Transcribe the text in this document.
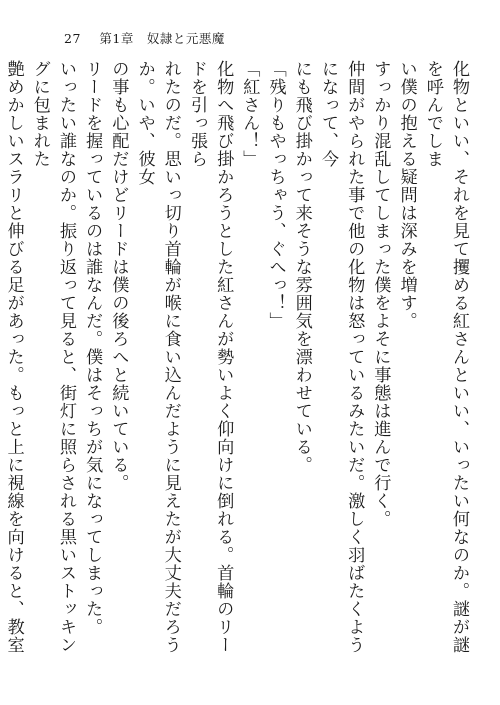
27 第1章　奴隷と元悪魔

化物といい、それを見て攫める紅さんといい、いったい何なのか。謎が謎を呼んでしま

い僕の抱える疑問は深みを増す。

すっかり混乱してしまった僕をよそに事態は進んで行く。

仲間がやられた事で他の化物は怒っているみたいだ。激しく羽ばたくようになって、今

にも飛び掛かって来そうな雰囲気を漂わせている。

「残りもやっちゃう、ぐへっ！」

「紅さん！」

化物へ飛び掛かろうとした紅さんが勢いよく仰向けに倒れる。首輪のリードを引っ張ら

れたのだ。思いっ切り首輪が喉に食い込んだように見えたが大丈夫だろうか。いや、彼女

の事も心配だけどリードは僕の後ろへと続いている。

リードを握っているのは誰なんだ。僕はそっちが気になってしまった。

いったい誰なのか。振り返って見ると、街灯に照らされる黒いストッキングに包まれた

艶めかしいスラリと伸びる足があった。もっと上に視線を向けると、教室
